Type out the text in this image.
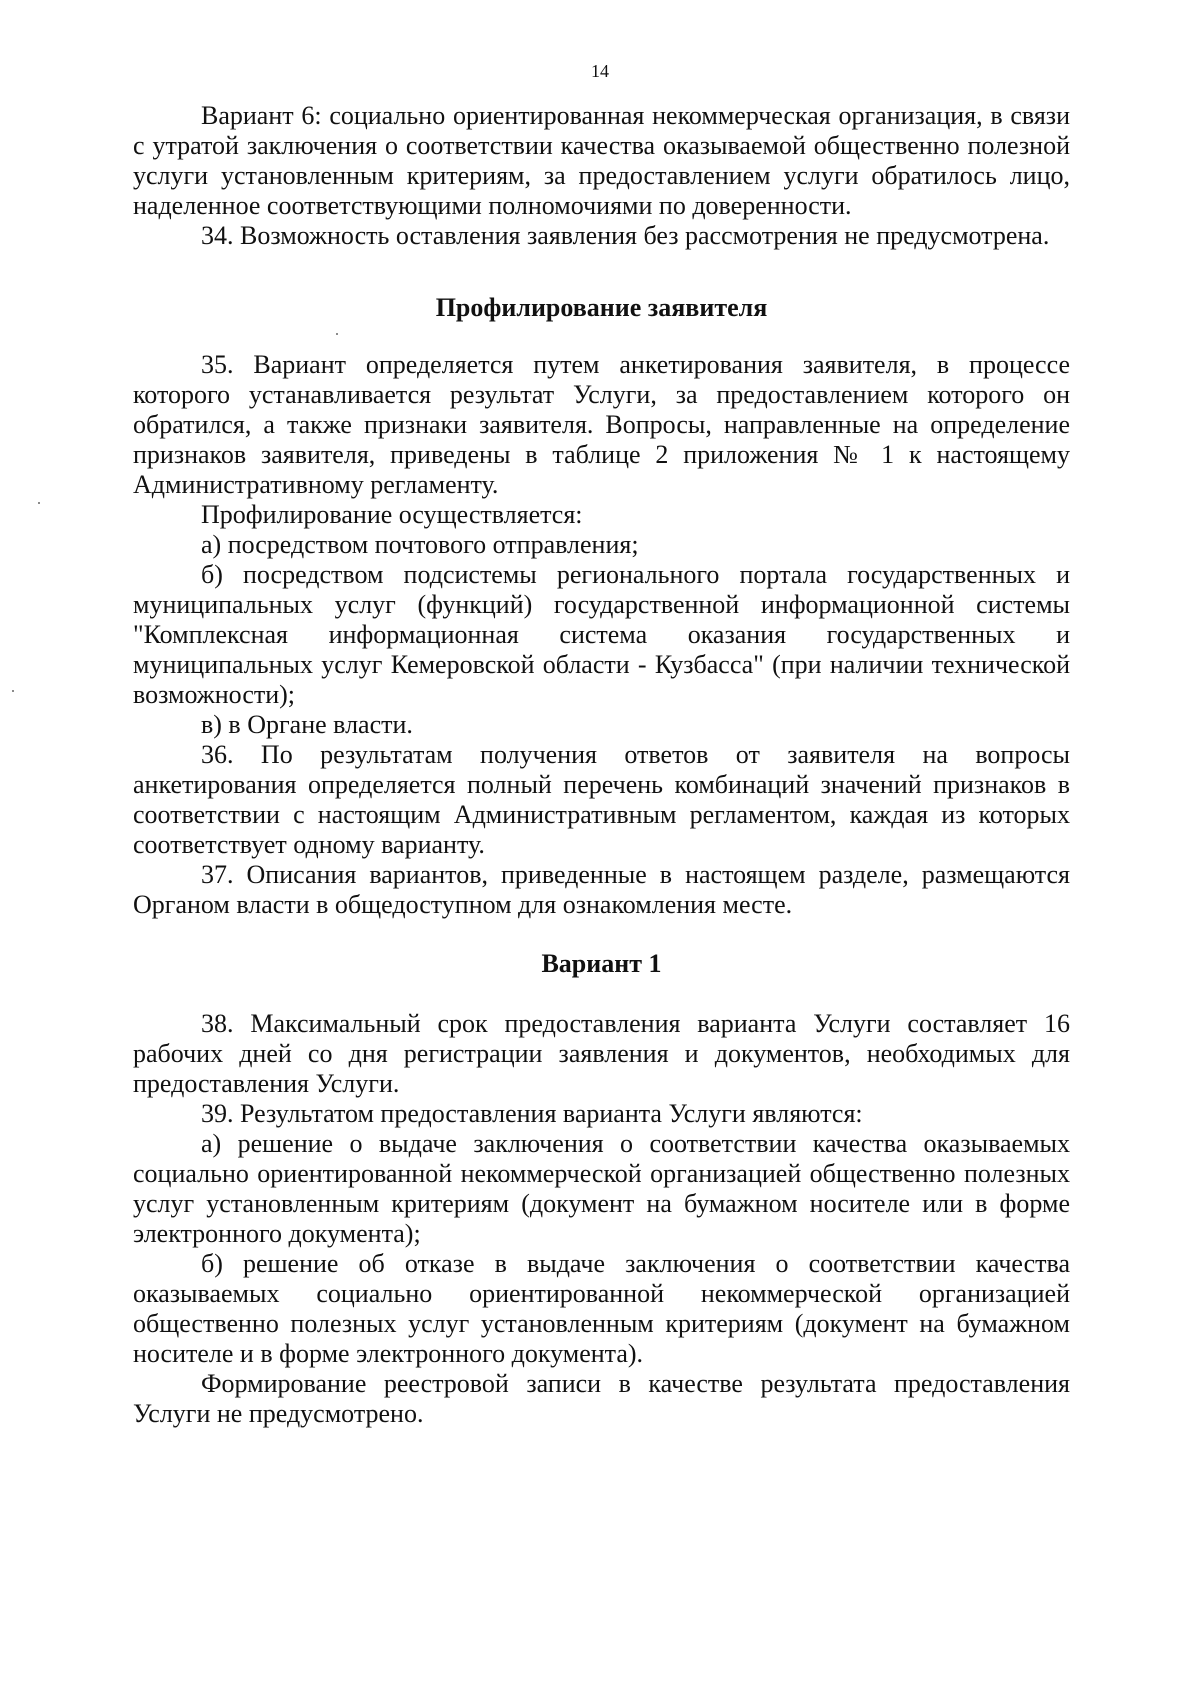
14

Вариант 6: социально ориентированная некоммерческая организация, в связи с утратой заключения о соответствии качества оказываемой общественно полезной услуги установленным критериям, за предоставлением услуги обратилось лицо, наделенное соответствующими полномочиями по доверенности.

34. Возможность оставления заявления без рассмотрения не предусмотрена.

Профилирование заявителя

35. Вариант определяется путем анкетирования заявителя, в процессе которого устанавливается результат Услуги, за предоставлением которого он обратился, а также признаки заявителя. Вопросы, направленные на определение признаков заявителя, приведены в таблице 2 приложения № 1 к настоящему Административному регламенту.

Профилирование осуществляется:

а) посредством почтового отправления;

б) посредством подсистемы регионального портала государственных и муниципальных услуг (функций) государственной информационной системы "Комплексная информационная система оказания государственных и муниципальных услуг Кемеровской области - Кузбасса" (при наличии технической возможности);

в) в Органе власти.

36. По результатам получения ответов от заявителя на вопросы анкетирования определяется полный перечень комбинаций значений признаков в соответствии с настоящим Административным регламентом, каждая из которых соответствует одному варианту.

37. Описания вариантов, приведенные в настоящем разделе, размещаются Органом власти в общедоступном для ознакомления месте.

Вариант 1

38. Максимальный срок предоставления варианта Услуги составляет 16 рабочих дней со дня регистрации заявления и документов, необходимых для предоставления Услуги.

39. Результатом предоставления варианта Услуги являются:

а) решение о выдаче заключения о соответствии качества оказываемых социально ориентированной некоммерческой организацией общественно полезных услуг установленным критериям (документ на бумажном носителе или в форме электронного документа);

б) решение об отказе в выдаче заключения о соответствии качества оказываемых социально ориентированной некоммерческой организацией общественно полезных услуг установленным критериям (документ на бумажном носителе и в форме электронного документа).

Формирование реестровой записи в качестве результата предоставления Услуги не предусмотрено.
